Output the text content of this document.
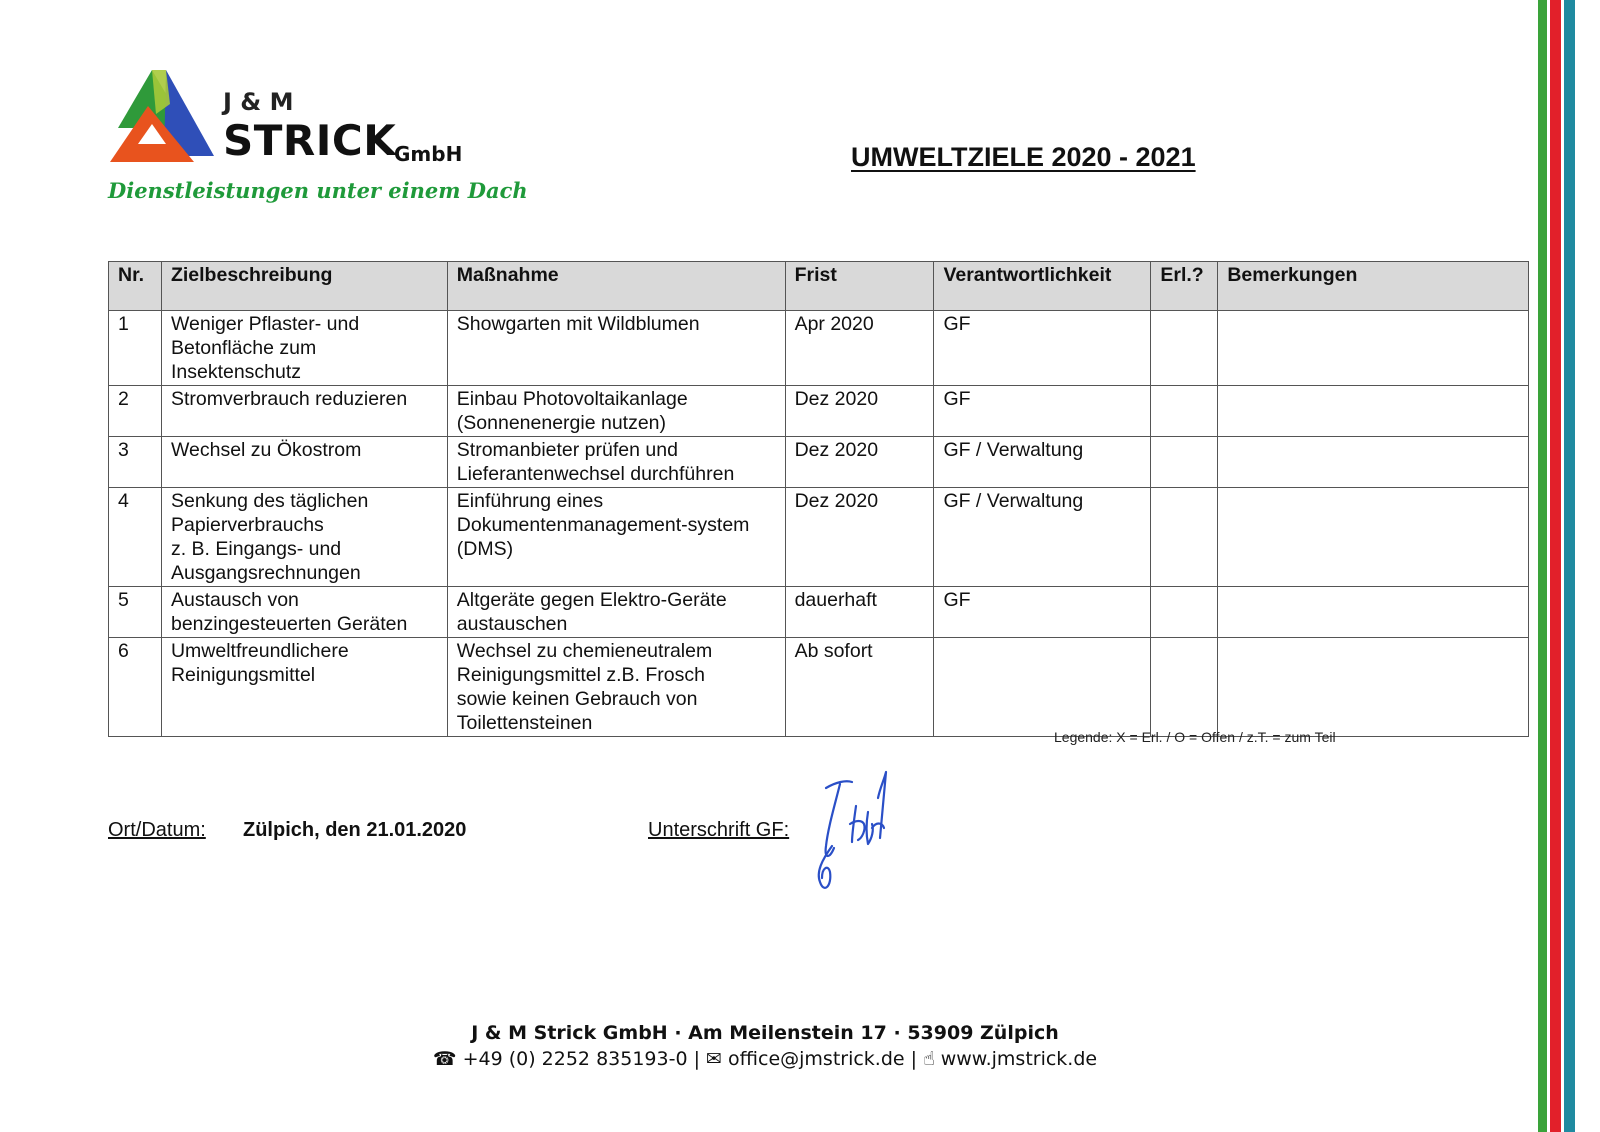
J & M
STRICK
GmbH
Dienstleistungen unter einem Dach
UMWELTZIELE 2020 - 2021
Nr.	Zielbeschreibung	Maßnahme	Frist	Verantwortlichkeit	Erl.?	Bemerkungen
1	Weniger Pflaster- und
Betonfläche zum
Insektenschutz	Showgarten mit Wildblumen	Apr 2020	GF		
2	Stromverbrauch reduzieren	Einbau Photovoltaikanlage
(Sonnenenergie nutzen)	Dez 2020	GF		
3	Wechsel zu Ökostrom	Stromanbieter prüfen und
Lieferantenwechsel durchführen	Dez 2020	GF / Verwaltung		
4	Senkung des täglichen
Papierverbrauchs
z. B. Eingangs- und
Ausgangsrechnungen	Einführung eines
Dokumentenmanagement-system
(DMS)	Dez 2020	GF / Verwaltung		
5	Austausch von
benzingesteuerten Geräten	Altgeräte gegen Elektro-Geräte
austauschen	dauerhaft	GF		
6	Umweltfreundlichere
Reinigungsmittel	Wechsel zu chemieneutralem
Reinigungsmittel z.B. Frosch
sowie keinen Gebrauch von
Toilettensteinen	Ab sofort			
Legende: X = Erl. / O = Offen / z.T. = zum Teil
Ort/Datum: Zülpich, den 21.01.2020	Unterschrift GF:
J & M Strick GmbH · Am Meilenstein 17 · 53909 Zülpich
☎ +49 (0) 2252 835193-0 | ✉ office@jmstrick.de | ☝ www.jmstrick.de
